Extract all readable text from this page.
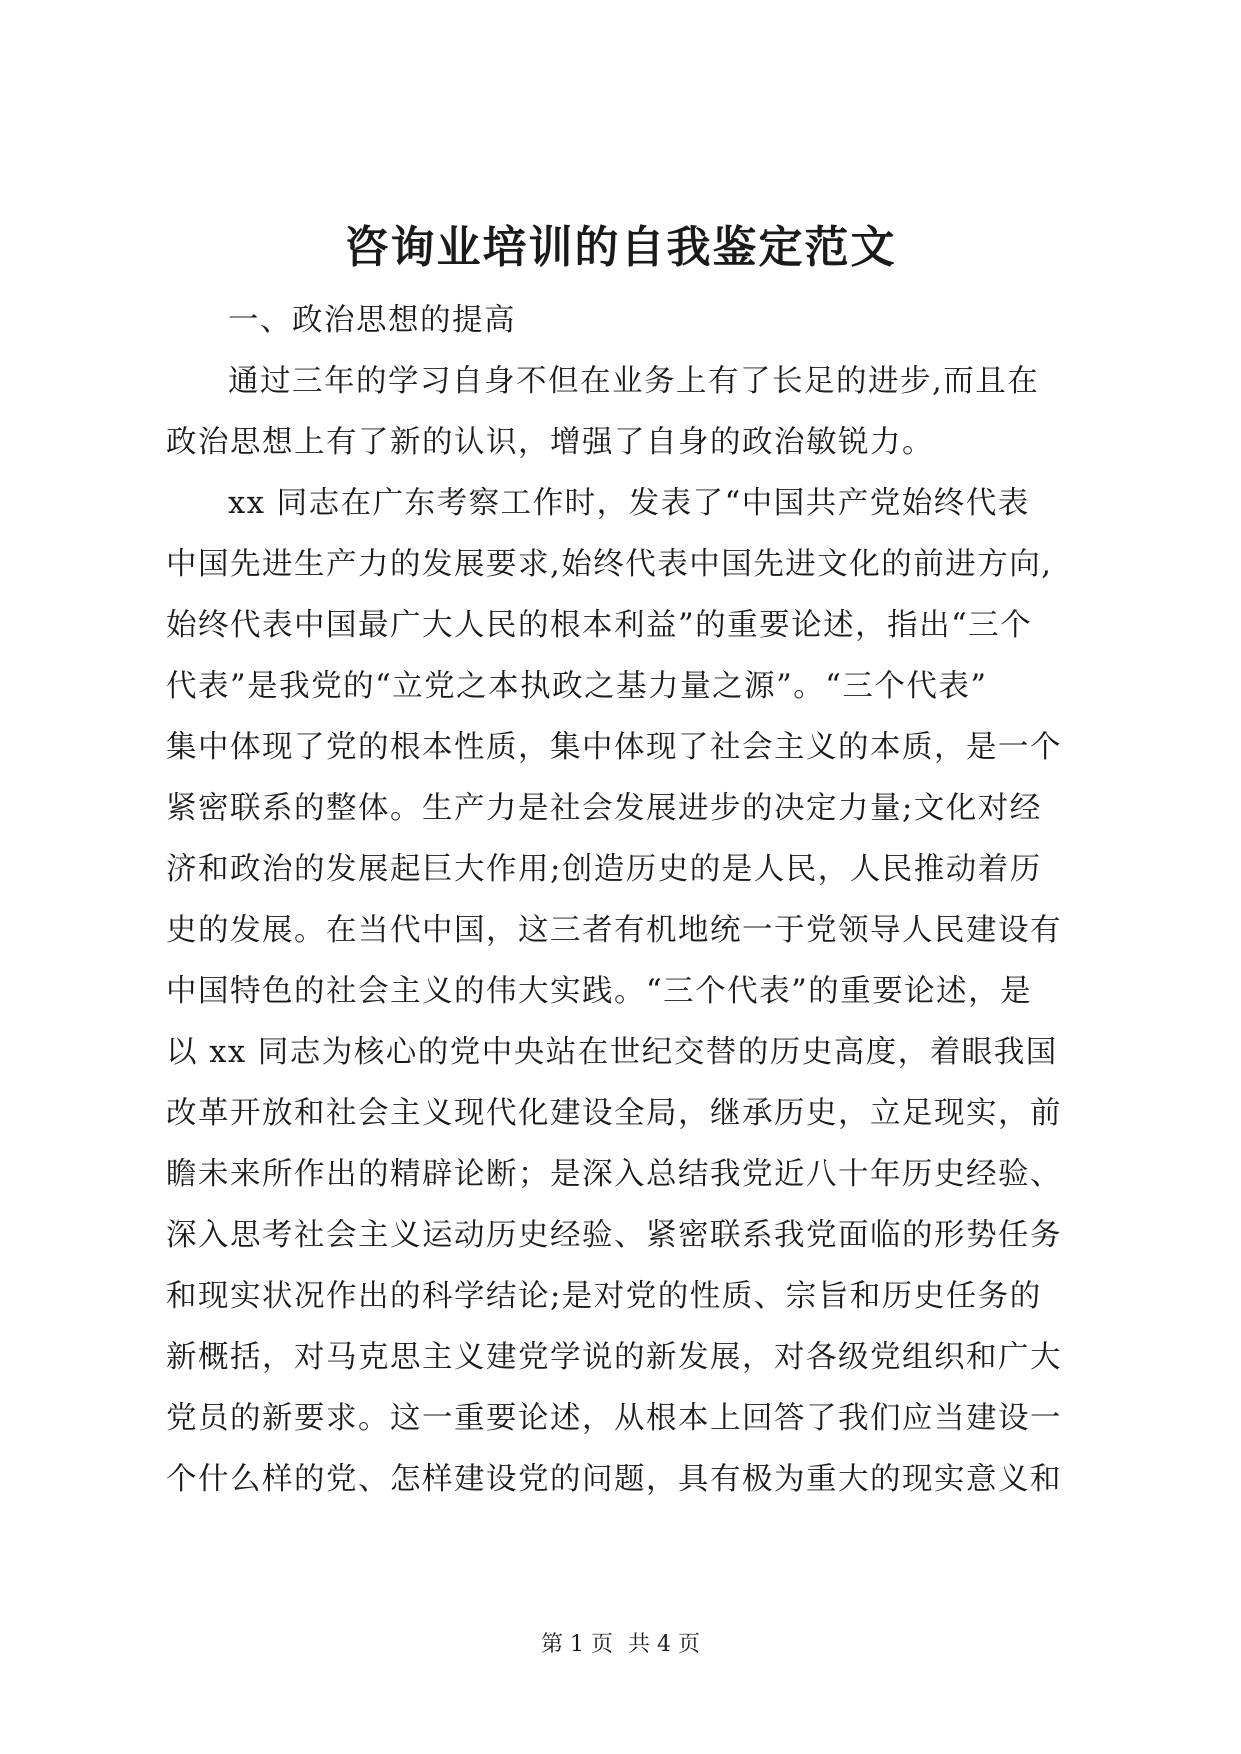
咨询业培训的自我鉴定范文
一、政治思想的提高
通过三年的学习自身不但在业务上有了长足的进步,而且在
政治思想上有了新的认识，增强了自身的政治敏锐力。
xx 同志在广东考察工作时，发表了“中国共产党始终代表
中国先进生产力的发展要求,始终代表中国先进文化的前进方向,
始终代表中国最广大人民的根本利益”的重要论述，指出“三个
代表”是我党的“立党之本执政之基力量之源”。“三个代表”
集中体现了党的根本性质，集中体现了社会主义的本质，是一个
紧密联系的整体。生产力是社会发展进步的决定力量;文化对经
济和政治的发展起巨大作用;创造历史的是人民，人民推动着历
史的发展。在当代中国，这三者有机地统一于党领导人民建设有
中国特色的社会主义的伟大实践。“三个代表”的重要论述，是
以 xx 同志为核心的党中央站在世纪交替的历史高度，着眼我国
改革开放和社会主义现代化建设全局，继承历史，立足现实，前
瞻未来所作出的精辟论断；是深入总结我党近八十年历史经验、
深入思考社会主义运动历史经验、紧密联系我党面临的形势任务
和现实状况作出的科学结论;是对党的性质、宗旨和历史任务的
新概括，对马克思主义建党学说的新发展，对各级党组织和广大
党员的新要求。这一重要论述，从根本上回答了我们应当建设一
个什么样的党、怎样建设党的问题，具有极为重大的现实意义和
第 1 页 共 4 页
